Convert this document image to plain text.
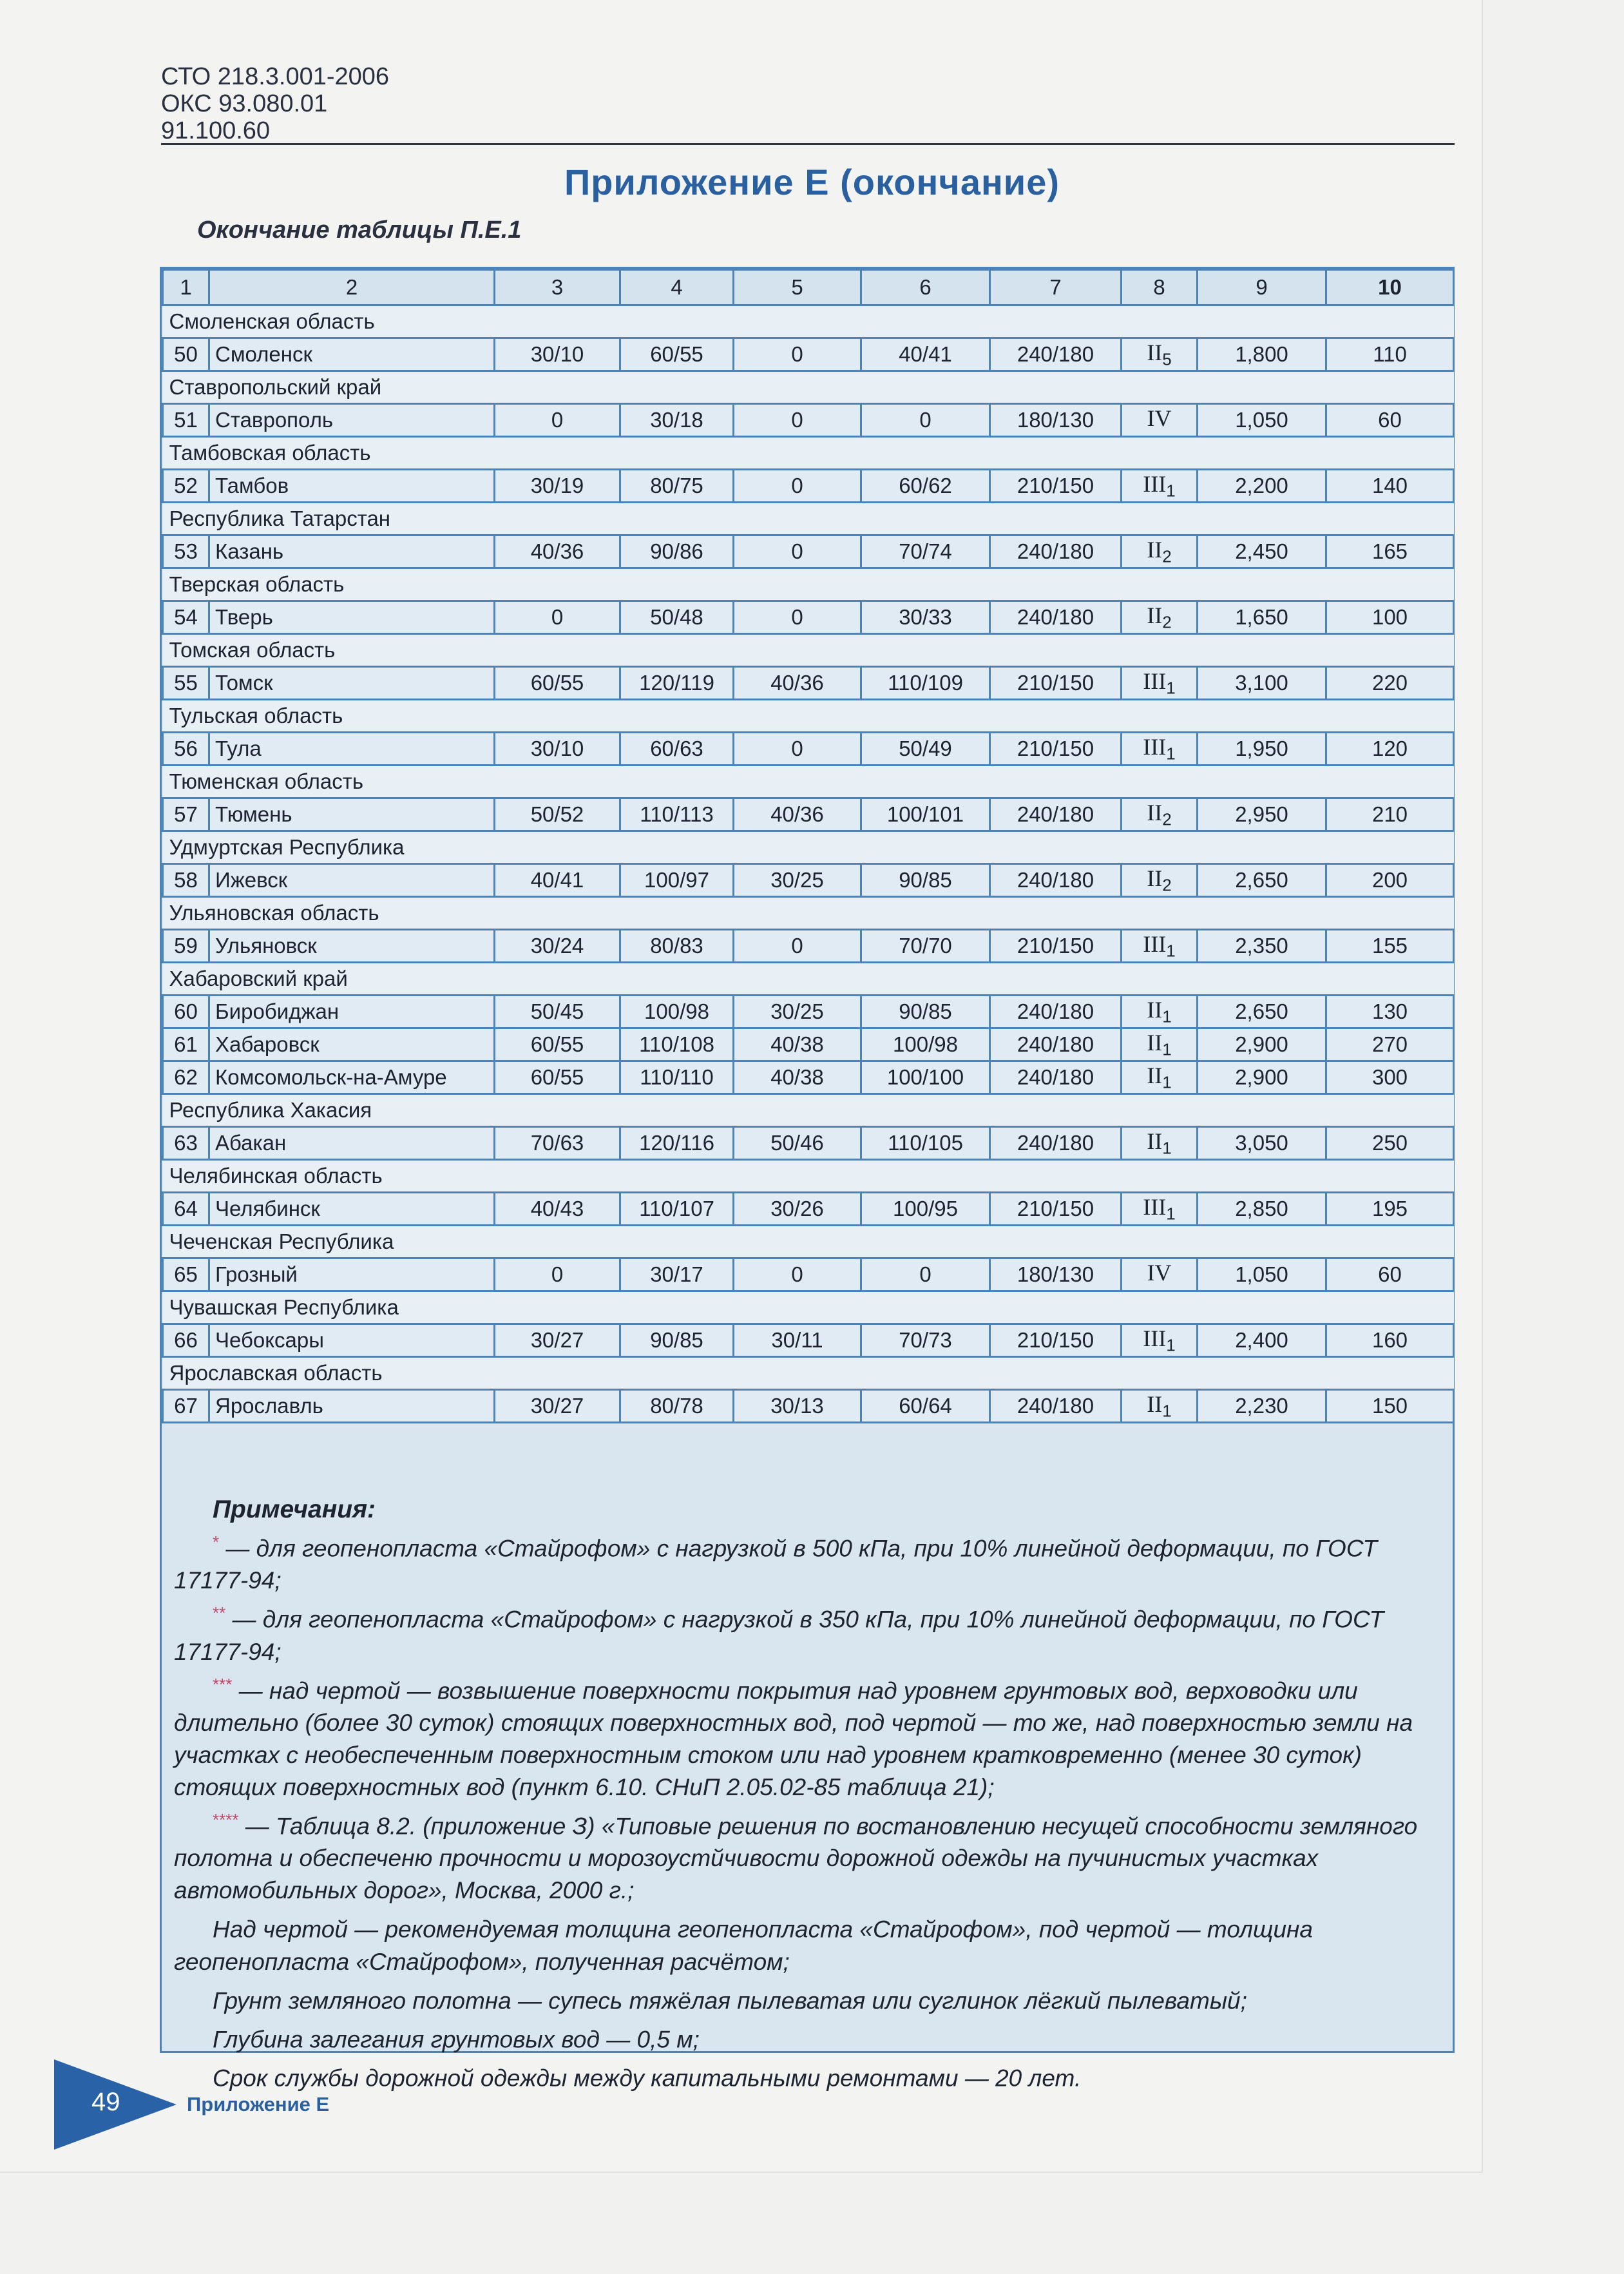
СТО 218.3.001-2006
ОКС 93.080.01
91.100.60
Приложение Е (окончание)
Окончание таблицы П.Е.1
1	2	3	4	5	6	7	8	9	10
Смоленская область									
50	Смоленск	30/10	60/55	0	40/41	240/180	$II_5$	1,800	110
Ставропольский край									
51	Ставрополь	0	30/18	0	0	180/130	IV	1,050	60
Тамбовская область									
52	Тамбов	30/19	80/75	0	60/62	210/150	$III_1$	2,200	140
Республика Татарстан									
53	Казань	40/36	90/86	0	70/74	240/180	$II_2$	2,450	165
Тверская область									
54	Тверь	0	50/48	0	30/33	240/180	$II_2$	1,650	100
Томская область									
55	Томск	60/55	120/119	40/36	110/109	210/150	$III_1$	3,100	220
Тульская область									
56	Тула	30/10	60/63	0	50/49	210/150	$III_1$	1,950	120
Тюменская область									
57	Тюмень	50/52	110/113	40/36	100/101	240/180	$II_2$	2,950	210
Удмуртская Республика									
58	Ижевск	40/41	100/97	30/25	90/85	240/180	$II_2$	2,650	200
Ульяновская область									
59	Ульяновск	30/24	80/83	0	70/70	210/150	$III_1$	2,350	155
Хабаровский край									
60	Биробиджан	50/45	100/98	30/25	90/85	240/180	$II_1$	2,650	130
61	Хабаровск	60/55	110/108	40/38	100/98	240/180	$II_1$	2,900	270
62	Комсомольск-на-Амуре	60/55	110/110	40/38	100/100	240/180	$II_1$	2,900	300
Республика Хакасия									
63	Абакан	70/63	120/116	50/46	110/105	240/180	$II_1$	3,050	250
Челябинская область									
64	Челябинск	40/43	110/107	30/26	100/95	210/150	$III_1$	2,850	195
Чеченская Республика									
65	Грозный	0	30/17	0	0	180/130	IV	1,050	60
Чувашская Республика									
66	Чебоксары	30/27	90/85	30/11	70/73	210/150	$III_1$	2,400	160
Ярославская область									
67	Ярославль	30/27	80/78	30/13	60/64	240/180	$II_1$	2,230	150
Примечания:

* — для геопенопласта «Стайрофом» с нагрузкой в 500 кПа, при 10% линейной деформации, по ГОСТ 17177-94;

** — для геопенопласта «Стайрофом» с нагрузкой в 350 кПа, при 10% линейной деформации, по ГОСТ 17177-94;

*** — над чертой — возвышение поверхности покрытия над уровнем грунтовых вод, верховодки или длительно (более 30 суток) стоящих поверхностных вод, под чертой — то же, над поверхностью земли на участках с необеспеченным поверхностным стоком или над уровнем кратковременно (менее 30 суток) стоящих поверхностных вод (пункт 6.10. СНиП 2.05.02-85 таблица 21);

**** — Таблица 8.2. (приложение З) «Типовые решения по востановлению несущей способности земляного полотна и обеспеченю прочности и морозоустйчивости дорожной одежды на пучинистых участках автомобильных дорог», Москва, 2000 г.;

Над чертой — рекомендуемая толщина геопенопласта «Стайрофом», под чертой — толщина геопенопласта «Стайрофом», полученная расчётом;

Грунт земляного полотна — супесь тяжёлая пылеватая или суглинок лёгкий пылеватый;

Глубина залегания грунтовых вод — 0,5 м;

Срок службы дорожной одежды между капитальными ремонтами — 20 лет.

49	Приложение Е
